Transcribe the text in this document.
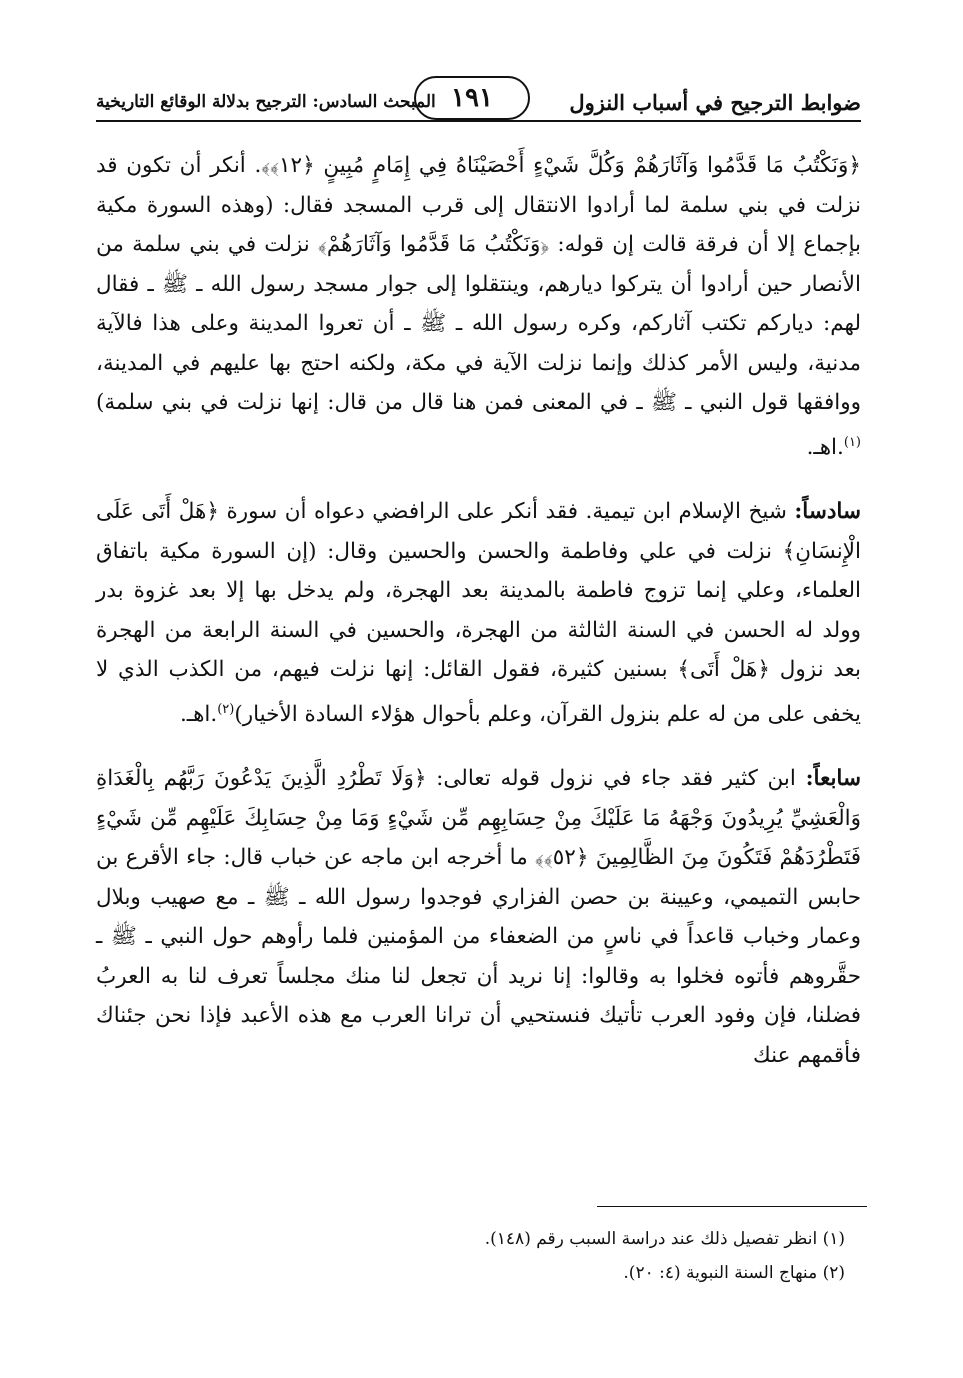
ضوابط الترجيح في أسباب النزول
١٩١
المبحث السادس: الترجيح بدلالة الوقائع التاريخية

﴿وَنَكْتُبُ مَا قَدَّمُوا وَآثَارَهُمْ وَكُلَّ شَيْءٍ أَحْصَيْنَاهُ فِي إِمَامٍ مُبِينٍ ﴿١٢﴾﴾. أنكر أن تكون قد نزلت في بني سلمة لما أرادوا الانتقال إلى قرب المسجد فقال: (وهذه السورة مكية بإجماع إلا أن فرقة قالت إن قوله: ﴿وَنَكْتُبُ مَا قَدَّمُوا وَآثَارَهُمْ﴾ نزلت في بني سلمة من الأنصار حين أرادوا أن يتركوا ديارهم، وينتقلوا إلى جوار مسجد رسول الله ـ ﷺ ـ فقال لهم: دياركم تكتب آثاركم، وكره رسول الله ـ ﷺ ـ أن تعروا المدينة وعلى هذا فالآية مدنية، وليس الأمر كذلك وإنما نزلت الآية في مكة، ولكنه احتج بها عليهم في المدينة، ووافقها قول النبي ـ ﷺ ـ في المعنى فمن هنا قال من قال: إنها نزلت في بني سلمة)$^{(١)}$.اهـ.

سادساً: شيخ الإسلام ابن تيمية. فقد أنكر على الرافضي دعواه أن سورة ﴿هَلْ أَتَى عَلَى الْإِنسَانِ﴾ نزلت في علي وفاطمة والحسن والحسين وقال: (إن السورة مكية باتفاق العلماء، وعلي إنما تزوج فاطمة بالمدينة بعد الهجرة، ولم يدخل بها إلا بعد غزوة بدر وولد له الحسن في السنة الثالثة من الهجرة، والحسين في السنة الرابعة من الهجرة بعد نزول ﴿هَلْ أَتَى﴾ بسنين كثيرة، فقول القائل: إنها نزلت فيهم، من الكذب الذي لا يخفى على من له علم بنزول القرآن، وعلم بأحوال هؤلاء السادة الأخيار)$^{(٢)}$.اهـ.

سابعاً: ابن كثير فقد جاء في نزول قوله تعالى: ﴿وَلَا تَطْرُدِ الَّذِينَ يَدْعُونَ رَبَّهُم بِالْغَدَاةِ وَالْعَشِيِّ يُرِيدُونَ وَجْهَهُ مَا عَلَيْكَ مِنْ حِسَابِهِم مِّن شَيْءٍ وَمَا مِنْ حِسَابِكَ عَلَيْهِم مِّن شَيْءٍ فَتَطْرُدَهُمْ فَتَكُونَ مِنَ الظَّالِمِينَ ﴿٥٢﴾﴾ ما أخرجه ابن ماجه عن خباب قال: جاء الأقرع بن حابس التميمي، وعيينة بن حصن الفزاري فوجدوا رسول الله ـ ﷺ ـ مع صهيب وبلال وعمار وخباب قاعداً في ناسٍ من الضعفاء من المؤمنين فلما رأوهم حول النبي ـ ﷺ ـ حقَّروهم فأتوه فخلوا به وقالوا: إنا نريد أن تجعل لنا منك مجلساً تعرف لنا به العربُ فضلنا، فإن وفود العرب تأتيك فنستحيي أن ترانا العرب مع هذه الأعبد فإذا نحن جئناك فأقمهم عنك

(١) انظر تفصيل ذلك عند دراسة السبب رقم (١٤٨).

(٢) منهاج السنة النبوية (٤: ٢٠).
